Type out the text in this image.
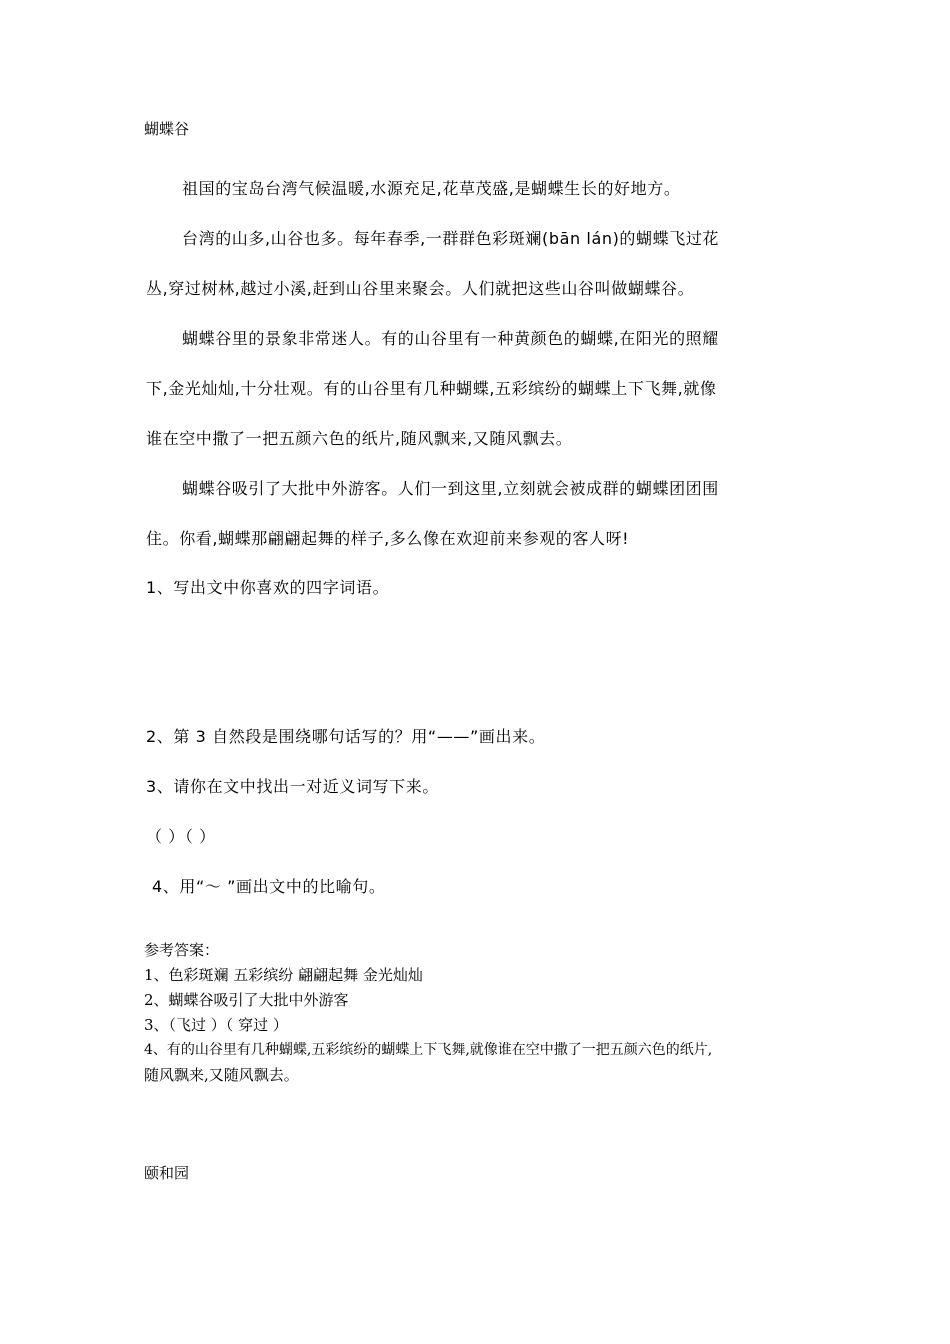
蝴蝶谷

祖国的宝岛台湾气候温暖,水源充足,花草茂盛,是蝴蝶生长的好地方。

台湾的山多,山谷也多。每年春季,一群群色彩斑斓(bān lán)的蝴蝶飞过花

丛,穿过树林,越过小溪,赶到山谷里来聚会。人们就把这些山谷叫做蝴蝶谷。

蝴蝶谷里的景象非常迷人。有的山谷里有一种黄颜色的蝴蝶,在阳光的照耀

下,金光灿灿,十分壮观。有的山谷里有几种蝴蝶,五彩缤纷的蝴蝶上下飞舞,就像

谁在空中撒了一把五颜六色的纸片,随风飘来,又随风飘去。

蝴蝶谷吸引了大批中外游客。人们一到这里,立刻就会被成群的蝴蝶团团围

住。你看,蝴蝶那翩翩起舞的样子,多么像在欢迎前来参观的客人呀!

1、写出文中你喜欢的四字词语。

2、第 3 自然段是围绕哪句话写的？用“——”画出来。

3、请你在文中找出一对近义词写下来。

（ ）（ ）

4、用“～ ”画出文中的比喻句。

参考答案：

1、色彩斑斓 五彩缤纷 翩翩起舞 金光灿灿

2、蝴蝶谷吸引了大批中外游客

3、（飞过 ）（ 穿过 ）

4、有的山谷里有几种蝴蝶,五彩缤纷的蝴蝶上下飞舞,就像谁在空中撒了一把五颜六色的纸片,

随风飘来,又随风飘去。

颐和园
